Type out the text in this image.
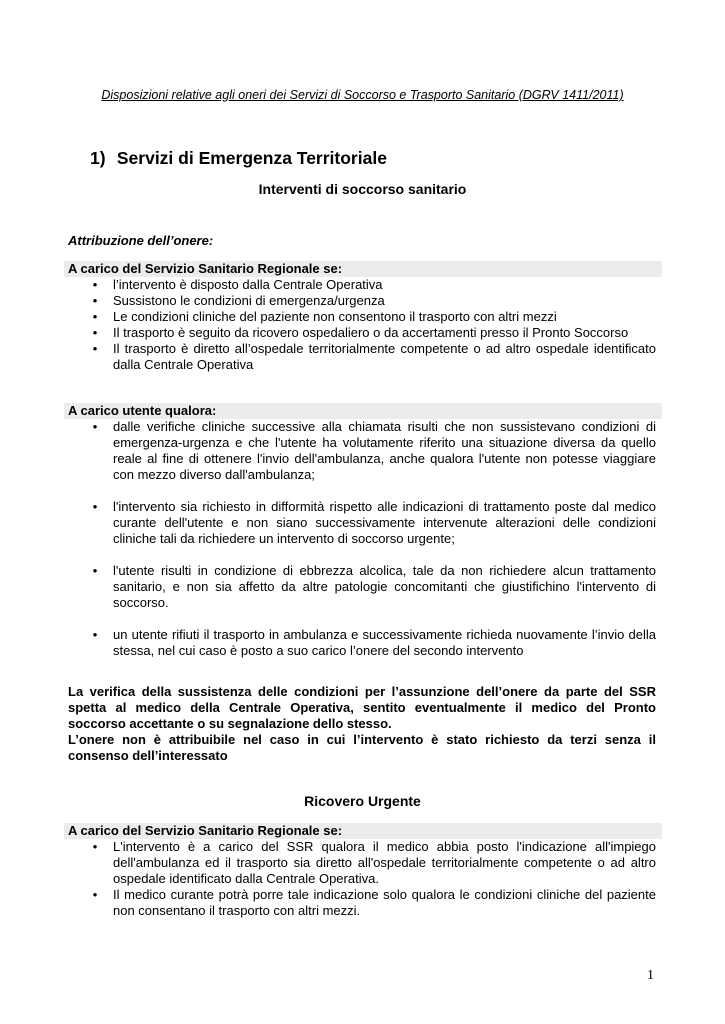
Disposizioni relative agli oneri dei Servizi di Soccorso e Trasporto Sanitario (DGRV 1411/2011)
1) Servizi di Emergenza Territoriale
Interventi di soccorso sanitario
Attribuzione dell’onere:
A carico del Servizio Sanitario Regionale se:
•	l’intervento è disposto dalla Centrale Operativa
•	Sussistono le condizioni di emergenza/urgenza
•	Le condizioni cliniche del paziente non consentono il trasporto con altri mezzi
•	Il trasporto è seguito da ricovero ospedaliero o da accertamenti presso il Pronto Soccorso
•	Il trasporto è diretto all’ospedale territorialmente competente o ad altro ospedale identificato dalla Centrale Operativa
A carico utente qualora:
•	dalle verifiche cliniche successive alla chiamata risulti che non sussistevano condizioni di emergenza-urgenza e che l'utente ha volutamente riferito una situazione diversa da quello reale al fine di ottenere l'invio dell'ambulanza, anche qualora l'utente non potesse viaggiare con mezzo diverso dall'ambulanza;
•	l'intervento sia richiesto in difformità rispetto alle indicazioni di trattamento poste dal medico curante dell'utente e non siano successivamente intervenute alterazioni delle condizioni cliniche tali da richiedere un intervento di soccorso urgente;
•	l'utente risulti in condizione di ebbrezza alcolica, tale da non richiedere alcun trattamento sanitario, e non sia affetto da altre patologie concomitanti che giustifichino l'intervento di soccorso.
•	un utente rifiuti il trasporto in ambulanza e successivamente richieda nuovamente l’invio della stessa, nel cui caso è posto a suo carico l’onere del secondo intervento
La verifica della sussistenza delle condizioni per l’assunzione dell’onere da parte del SSR spetta al medico della Centrale Operativa, sentito eventualmente il medico del Pronto soccorso accettante o su segnalazione dello stesso.
L’onere non è attribuibile nel caso in cui l’intervento è stato richiesto da terzi senza il consenso dell’interessato
Ricovero Urgente
A carico del Servizio Sanitario Regionale se:
•	L'intervento è a carico del SSR qualora il medico abbia posto l'indicazione all'impiego dell'ambulanza ed il trasporto sia diretto all'ospedale territorialmente competente o ad altro ospedale identificato dalla Centrale Operativa.
•	Il medico curante potrà porre tale indicazione solo qualora le condizioni cliniche del paziente non consentano il trasporto con altri mezzi.
1
